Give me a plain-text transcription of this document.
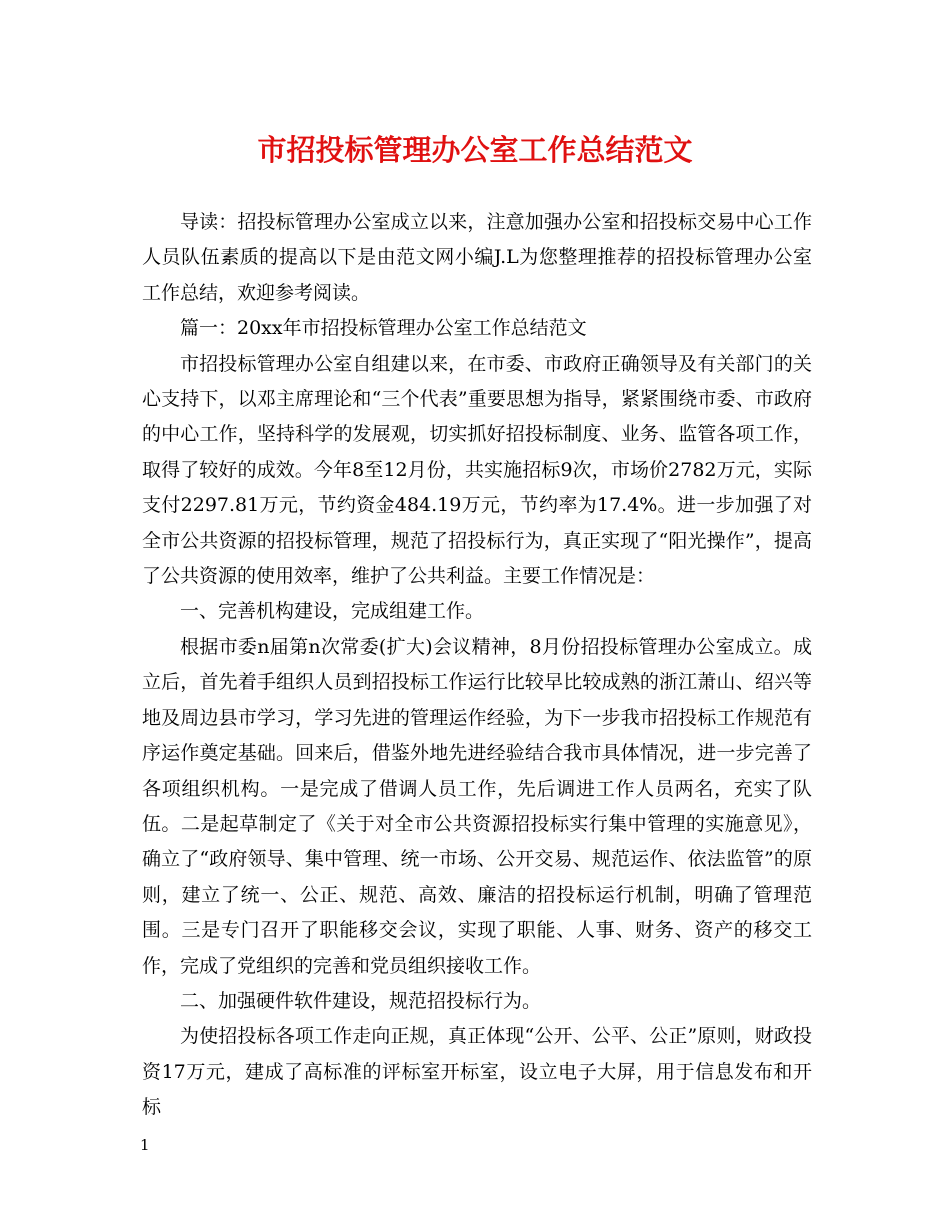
市招投标管理办公室工作总结范文

导读：招投标管理办公室成立以来，注意加强办公室和招投标交易中心工作人员队伍素质的提高以下是由范文网小编J.L为您整理推荐的招投标管理办公室工作总结，欢迎参考阅读。

篇一：20xx年市招投标管理办公室工作总结范文

市招投标管理办公室自组建以来，在市委、市政府正确领导及有关部门的关心支持下，以邓主席理论和“三个代表”重要思想为指导，紧紧围绕市委、市政府的中心工作，坚持科学的发展观，切实抓好招投标制度、业务、监管各项工作，取得了较好的成效。今年8至12月份，共实施招标9次，市场价2782万元，实际支付2297.81万元，节约资金484.19万元，节约率为17.4%。进一步加强了对全市公共资源的招投标管理，规范了招投标行为，真正实现了“阳光操作”，提高了公共资源的使用效率，维护了公共利益。主要工作情况是：

一、完善机构建设，完成组建工作。

根据市委n届第n次常委(扩大)会议精神，8月份招投标管理办公室成立。成立后，首先着手组织人员到招投标工作运行比较早比较成熟的浙江萧山、绍兴等地及周边县市学习，学习先进的管理运作经验，为下一步我市招投标工作规范有序运作奠定基础。回来后，借鉴外地先进经验结合我市具体情况，进一步完善了各项组织机构。一是完成了借调人员工作，先后调进工作人员两名，充实了队伍。二是起草制定了《关于对全市公共资源招投标实行集中管理的实施意见》，确立了“政府领导、集中管理、统一市场、公开交易、规范运作、依法监管”的原则，建立了统一、公正、规范、高效、廉洁的招投标运行机制，明确了管理范围。三是专门召开了职能移交会议，实现了职能、人事、财务、资产的移交工作，完成了党组织的完善和党员组织接收工作。

二、加强硬件软件建设，规范招投标行为。

为使招投标各项工作走向正规，真正体现“公开、公平、公正”原则，财政投资17万元，建成了高标准的评标室开标室，设立电子大屏，用于信息发布和开标

1
